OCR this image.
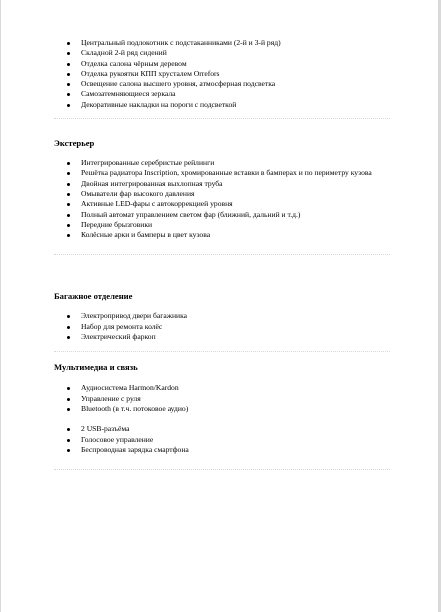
Центральный подлокотник с подстаканниками (2-й и 3-й ряд)
Складной 2-й ряд сидений
Отделка салона чёрным деревом
Отделка рукоятки КПП хрусталем Orrefors
Освещение салона высшего уровня, атмосферная подсветка
Самозатемняющиеся зеркала
Декоративные накладки на пороги с подсветкой
Экстерьер
Интегрированные серебристые рейлинги
Решётка радиатора Inscription, хромированные вставки в бамперах и по периметру кузова
Двойная интегрированная выхлопная труба
Омыватели фар высокого давления
Активные LED-фары с автокоррекцией уровня
Полный автомат управлением светом фар (ближний, дальний и т.д.)
Передние брызговики
Колёсные арки и бамперы в цвет кузова
Багажное отделение
Электропривод двери багажника
Набор для ремонта колёс
Электрический фаркоп
Мультимедиа и связь
Аудиосистема Harmon/Kardon
Управление с руля
Bluetooth (в т.ч. потоковое аудио)
2 USB-разъёма
Голосовое управление
Беспроводная зарядка смартфона
